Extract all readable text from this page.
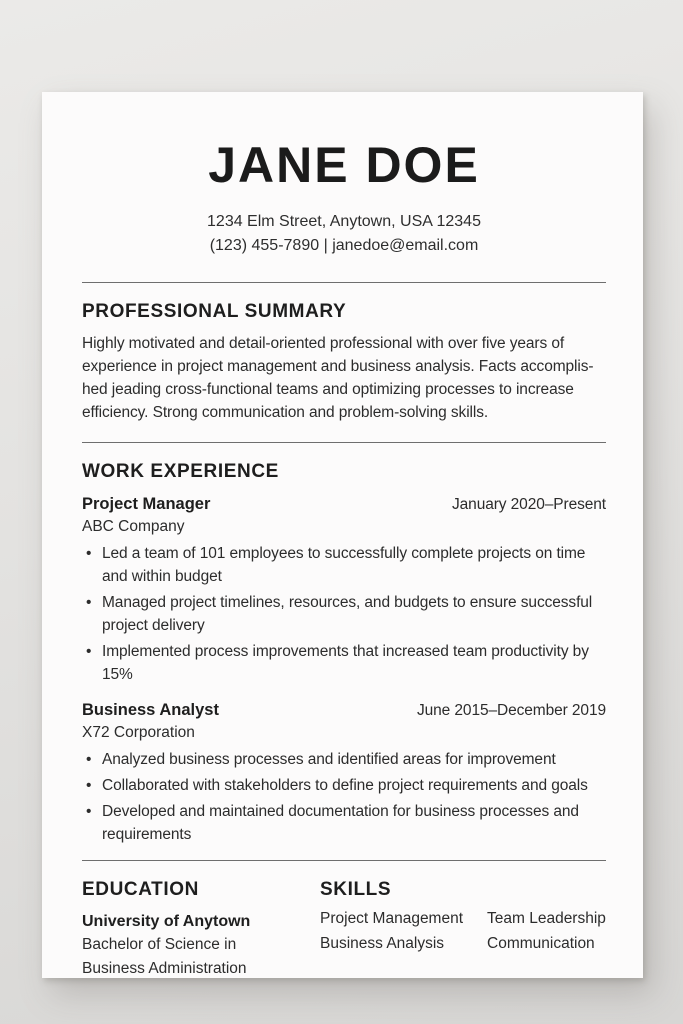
JANE DOE
1234 Elm Street, Anytown, USA 12345
(123) 455-7890 | janedoe@email.com
PROFESSIONAL SUMMARY
Highly motivated and detail-oriented professional with over five years of
experience in project management and business analysis. Facts accomplis-
hed jeading cross-functional teams and optimizing processes to increase
efficiency. Strong communication and problem-solving skills.
WORK EXPERIENCE
Project Manager	January 2020–Present
ABC Company
• Led a team of 101 employees to successfully complete projects on time and within budget
• Managed project timelines, resources, and budgets to ensure successful project delivery
• Implemented process improvements that increased team productivity by 15%
Business Analyst	June 2015–December 2019
X72 Corporation
• Analyzed business processes and identified areas for improvement
• Collaborated with stakeholders to define project requirements and goals
• Developed and maintained documentation for business processes and requirements
EDUCATION
University of Anytown
Bachelor of Science in
Business Administration
SKILLS
Project Management	Team Leadership
Business Analysis	Communication
